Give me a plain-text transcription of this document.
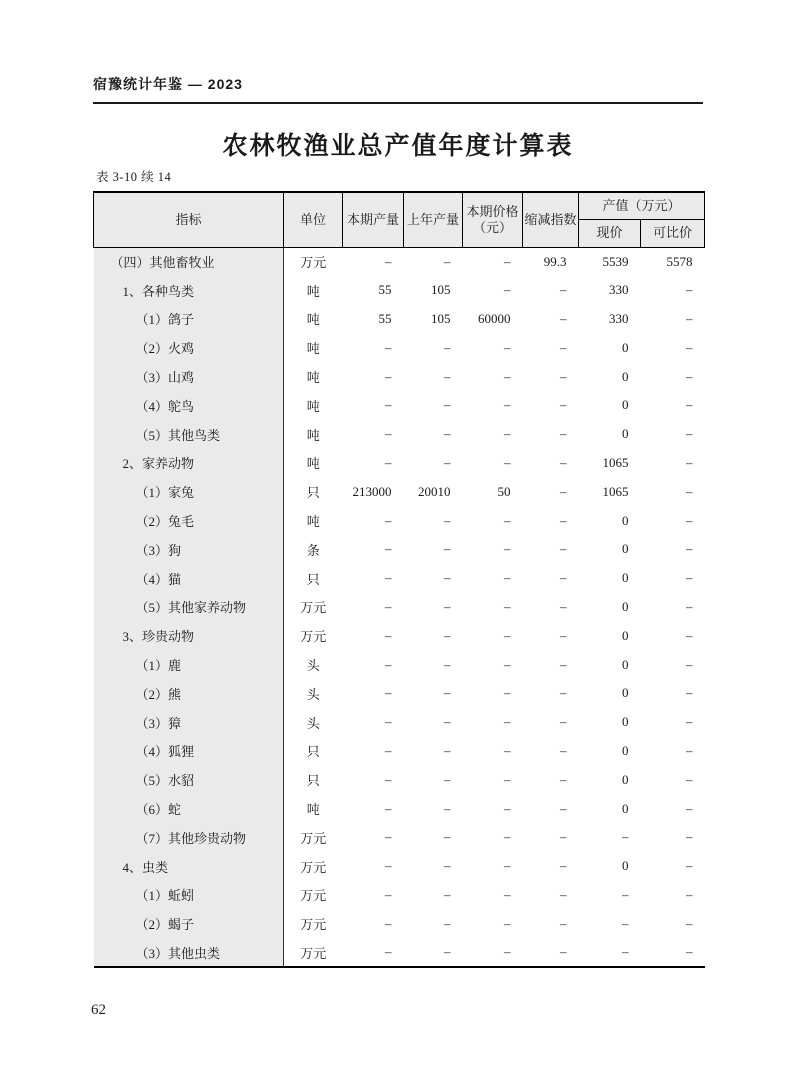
宿豫统计年鉴 — 2023
农林牧渔业总产值年度计算表
表 3-10 续 14
指标	单位	本期产量	上年产量	本期价格
（元）	缩减指数	产值（万元）	
						现价	可比价
（四）其他畜牧业	万元	–	–	–	99.3	5539	5578
1、各种鸟类	吨	55	105	–	–	330	–
（1）鸽子	吨	55	105	60000	–	330	–
（2）火鸡	吨	–	–	–	–	0	–
（3）山鸡	吨	–	–	–	–	0	–
（4）鸵鸟	吨	–	–	–	–	0	–
（5）其他鸟类	吨	–	–	–	–	0	–
2、家养动物	吨	–	–	–	–	1065	–
（1）家兔	只	213000	20010	50	–	1065	–
（2）兔毛	吨	–	–	–	–	0	–
（3）狗	条	–	–	–	–	0	–
（4）猫	只	–	–	–	–	0	–
（5）其他家养动物	万元	–	–	–	–	0	–
3、珍贵动物	万元	–	–	–	–	0	–
（1）鹿	头	–	–	–	–	0	–
（2）熊	头	–	–	–	–	0	–
（3）獐	头	–	–	–	–	0	–
（4）狐狸	只	–	–	–	–	0	–
（5）水貂	只	–	–	–	–	0	–
（6）蛇	吨	–	–	–	–	0	–
（7）其他珍贵动物	万元	–	–	–	–	–	–
4、虫类	万元	–	–	–	–	0	–
（1）蚯蚓	万元	–	–	–	–	–	–
（2）蝎子	万元	–	–	–	–	–	–
（3）其他虫类	万元	–	–	–	–	–	–
62
